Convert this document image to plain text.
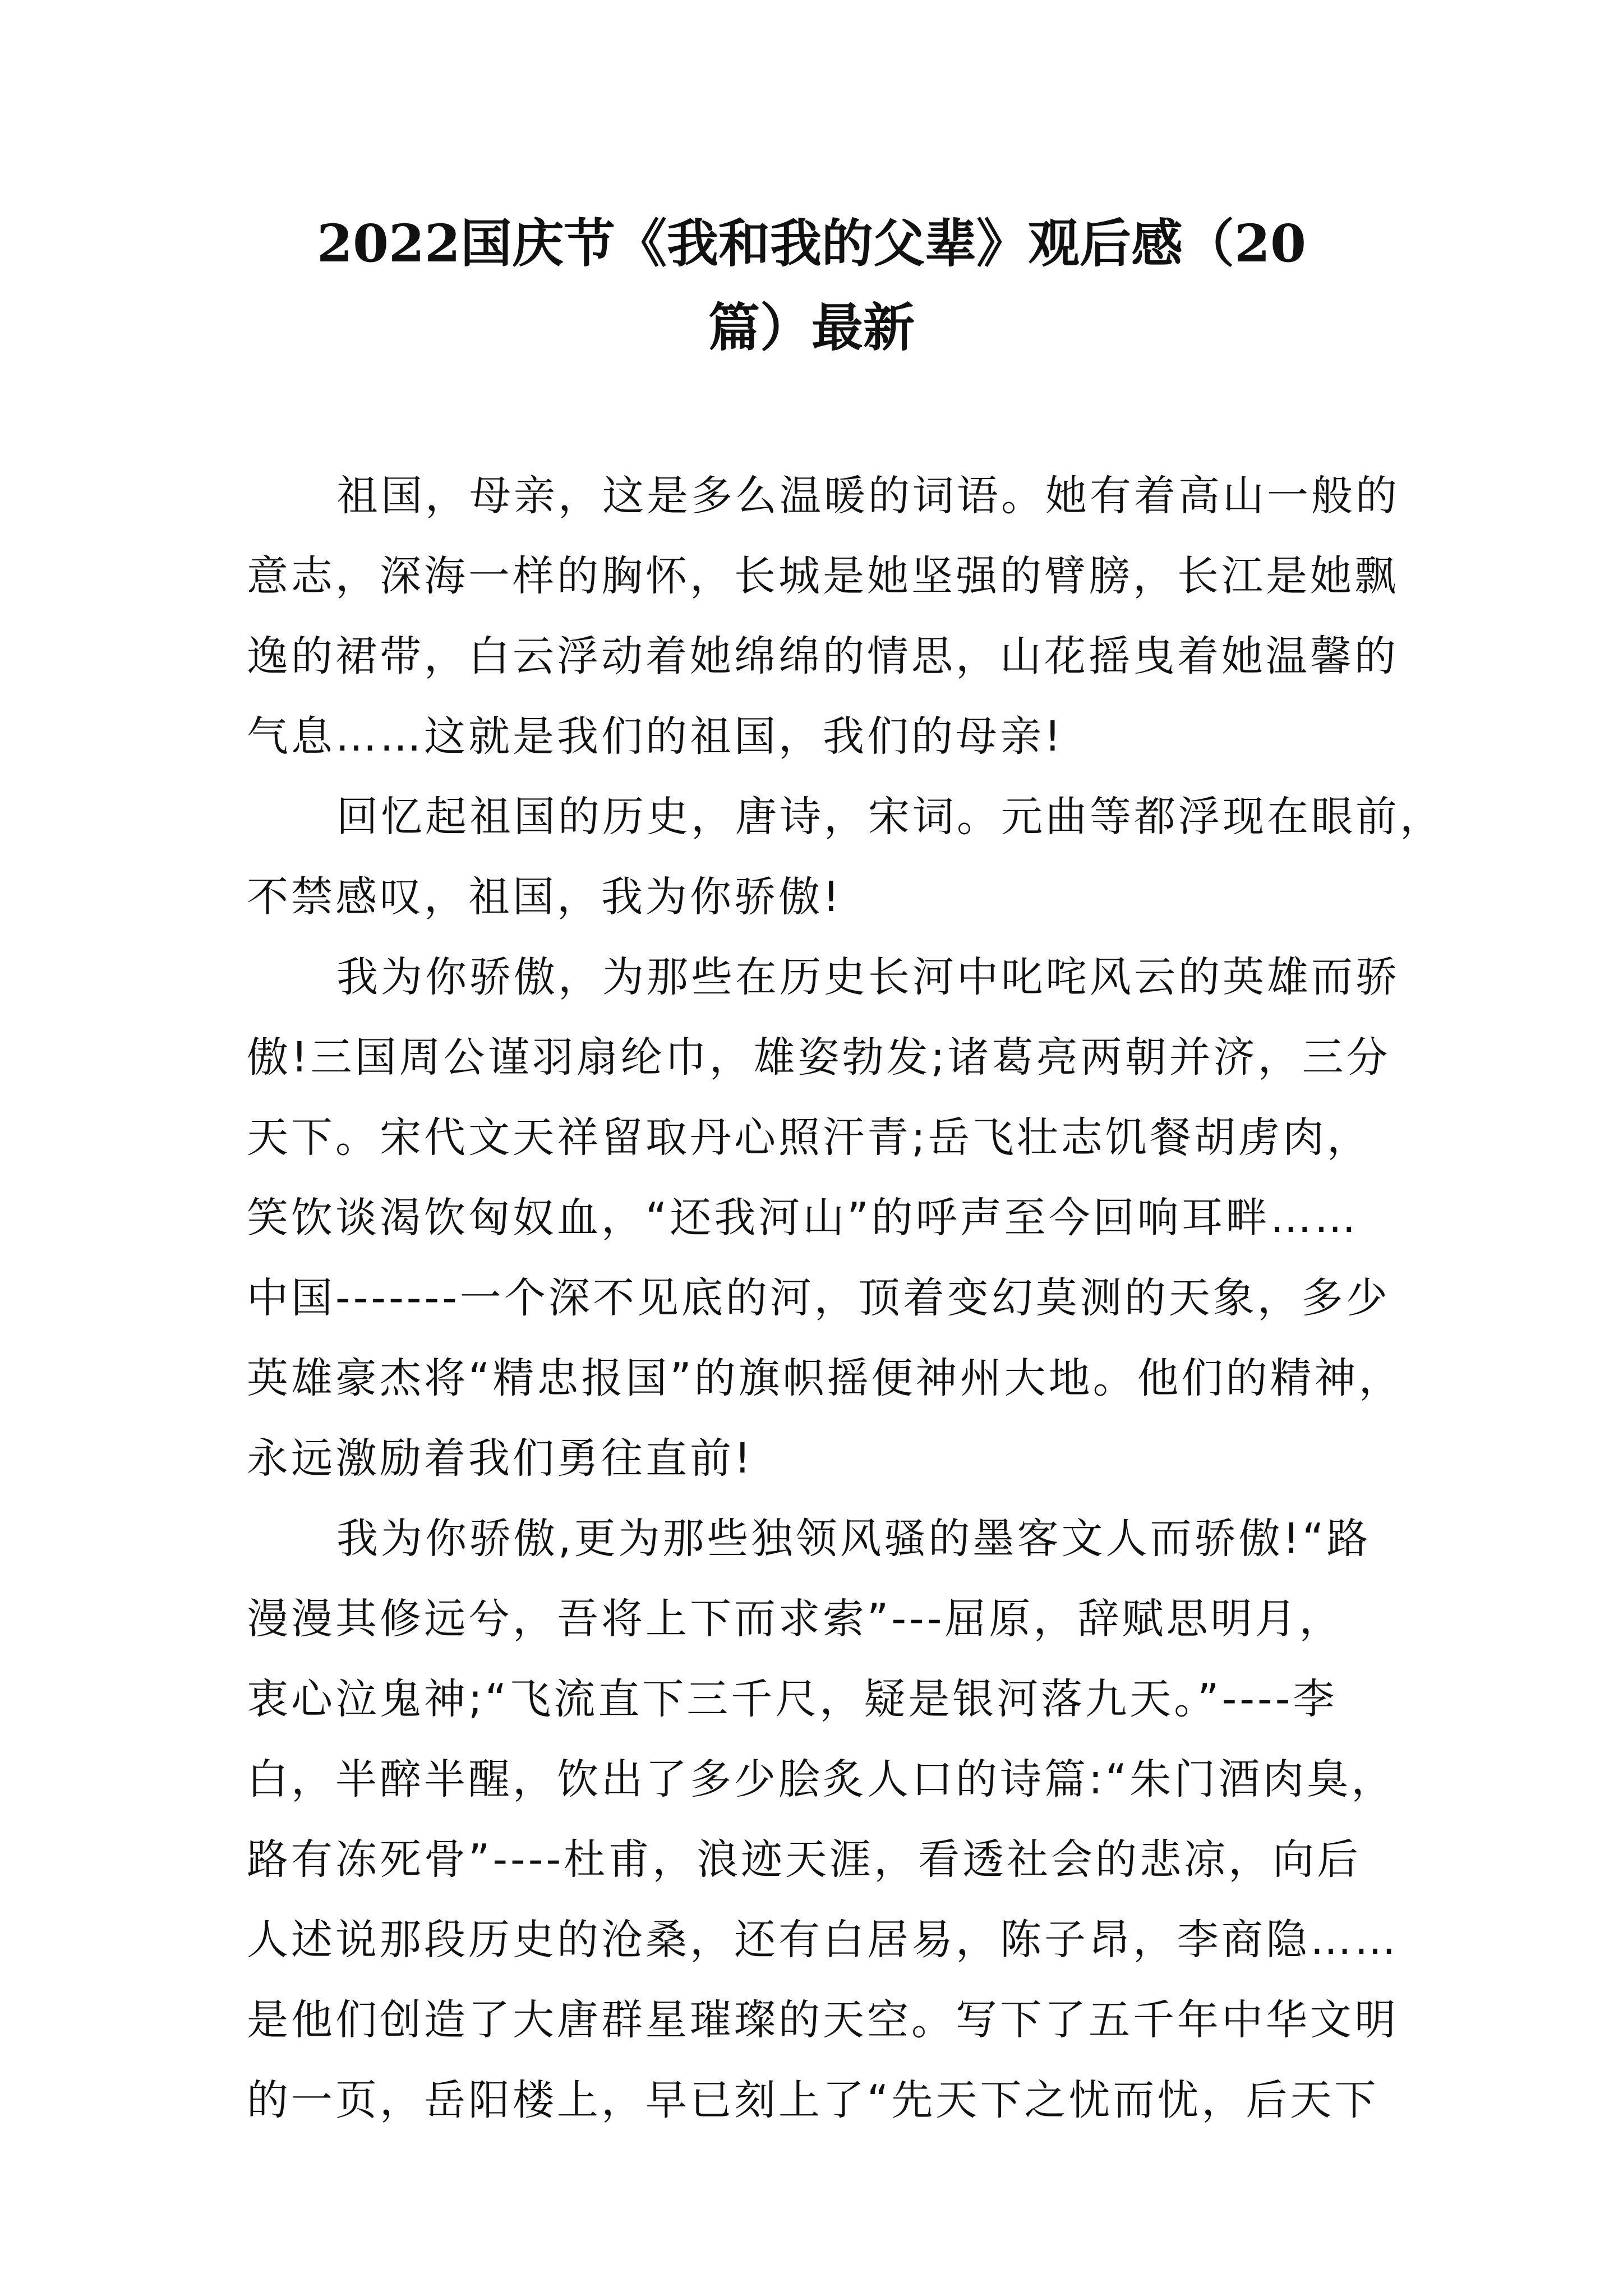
2022国庆节《我和我的父辈》观后感（20
篇）最新
祖国，母亲，这是多么温暖的词语。她有着高山一般的
意志，深海一样的胸怀，长城是她坚强的臂膀，长江是她飘
逸的裙带，白云浮动着她绵绵的情思，山花摇曳着她温馨的
气息……这就是我们的祖国，我们的母亲!
回忆起祖国的历史，唐诗，宋词。元曲等都浮现在眼前，
不禁感叹，祖国，我为你骄傲!
我为你骄傲，为那些在历史长河中叱咤风云的英雄而骄
傲!三国周公谨羽扇纶巾，雄姿勃发;诸葛亮两朝并济，三分
天下。宋代文天祥留取丹心照汗青;岳飞壮志饥餐胡虏肉，
笑饮谈渴饮匈奴血，“还我河山”的呼声至今回响耳畔……
中国-------一个深不见底的河，顶着变幻莫测的天象，多少
英雄豪杰将“精忠报国”的旗帜摇便神州大地。他们的精神，
永远激励着我们勇往直前!
我为你骄傲,更为那些独领风骚的墨客文人而骄傲!“路
漫漫其修远兮，吾将上下而求索”---屈原，辞赋思明月，
衷心泣鬼神;“飞流直下三千尺，疑是银河落九天。”----李
白，半醉半醒，饮出了多少脍炙人口的诗篇:“朱门酒肉臭，
路有冻死骨”----杜甫，浪迹天涯，看透社会的悲凉，向后
人述说那段历史的沧桑，还有白居易，陈子昂，李商隐……
是他们创造了大唐群星璀璨的天空。写下了五千年中华文明
的一页，岳阳楼上，早已刻上了“先天下之忧而忧，后天下
